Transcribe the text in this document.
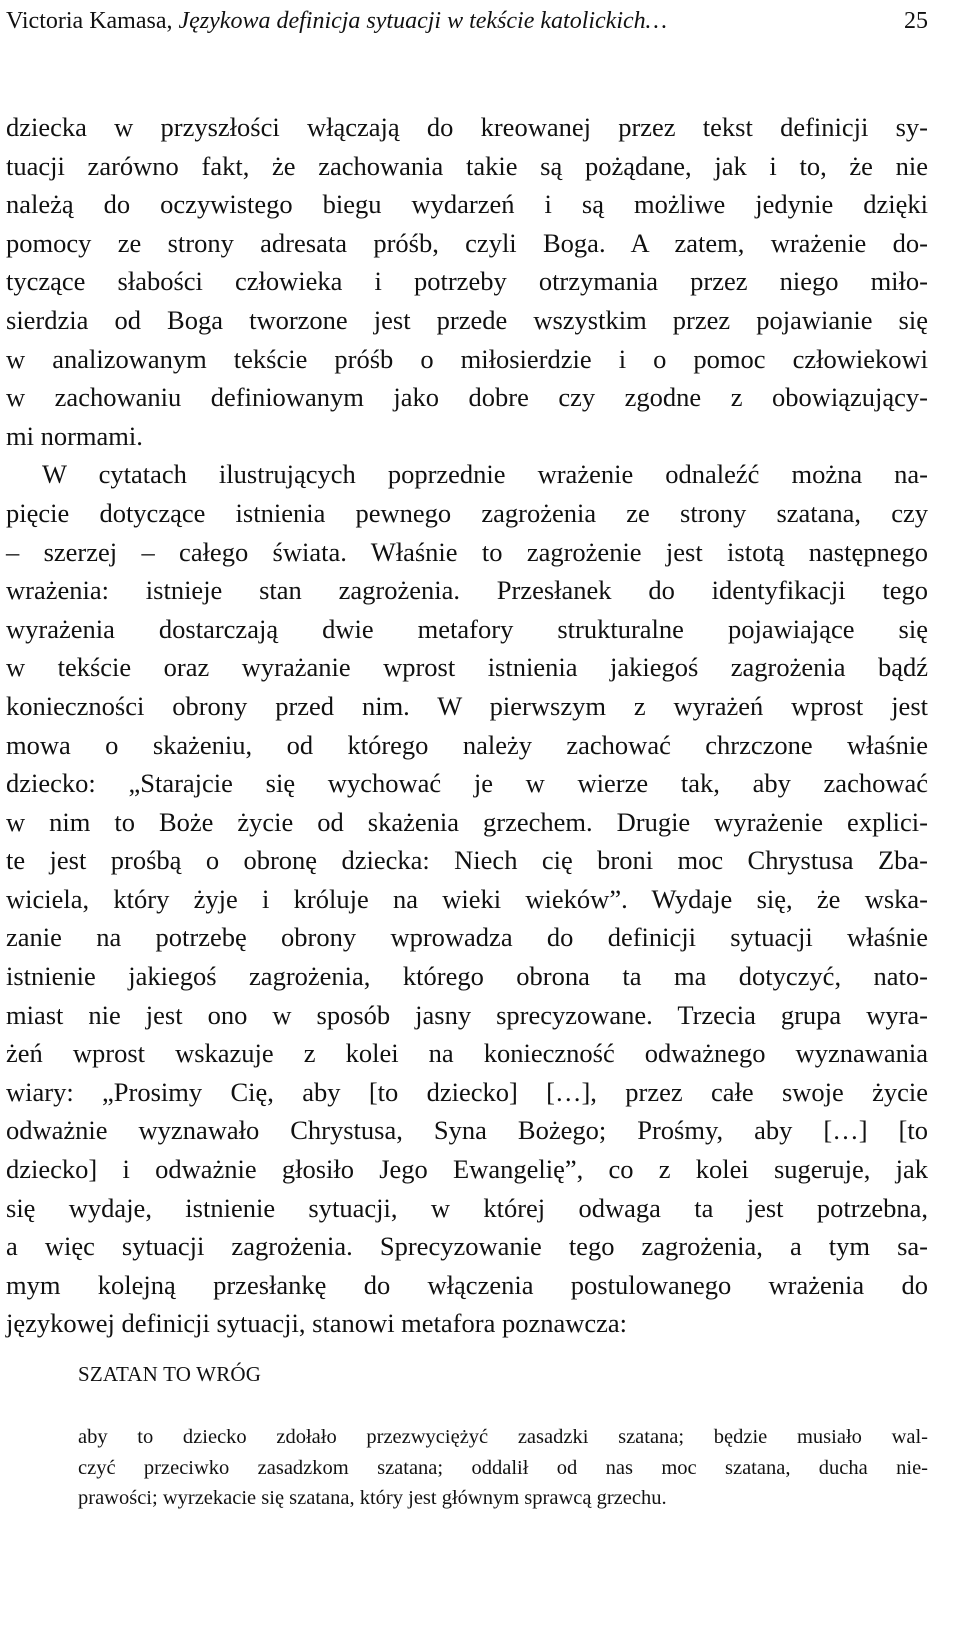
Victoria Kamasa, Językowa definicja sytuacji w tekście katolickich…	25
dziecka w przyszłości włączają do kreowanej przez tekst definicji sy-
tuacji zarówno fakt, że zachowania takie są pożądane, jak i to, że nie
należą do oczywistego biegu wydarzeń i są możliwe jedynie dzięki
pomocy ze strony adresata próśb, czyli Boga. A zatem, wrażenie do-
tyczące słabości człowieka i potrzeby otrzymania przez niego miło-
sierdzia od Boga tworzone jest przede wszystkim przez pojawianie się
w analizowanym tekście próśb o miłosierdzie i o pomoc człowiekowi
w zachowaniu definiowanym jako dobre czy zgodne z obowiązujący-
mi normami.
W cytatach ilustrujących poprzednie wrażenie odnaleźć można na-
pięcie dotyczące istnienia pewnego zagrożenia ze strony szatana, czy
– szerzej – całego świata. Właśnie to zagrożenie jest istotą następnego
wrażenia: istnieje stan zagrożenia. Przesłanek do identyfikacji tego
wyrażenia dostarczają dwie metafory strukturalne pojawiające się
w tekście oraz wyrażanie wprost istnienia jakiegoś zagrożenia bądź
konieczności obrony przed nim. W pierwszym z wyrażeń wprost jest
mowa o skażeniu, od którego należy zachować chrzczone właśnie
dziecko: „Starajcie się wychować je w wierze tak, aby zachować
w nim to Boże życie od skażenia grzechem. Drugie wyrażenie explici-
te jest prośbą o obronę dziecka: Niech cię broni moc Chrystusa Zba-
wiciela, który żyje i króluje na wieki wieków”. Wydaje się, że wska-
zanie na potrzebę obrony wprowadza do definicji sytuacji właśnie
istnienie jakiegoś zagrożenia, którego obrona ta ma dotyczyć, nato-
miast nie jest ono w sposób jasny sprecyzowane. Trzecia grupa wyra-
żeń wprost wskazuje z kolei na konieczność odważnego wyznawania
wiary: „Prosimy Cię, aby [to dziecko] […], przez całe swoje życie
odważnie wyznawało Chrystusa, Syna Bożego; Prośmy, aby […] [to
dziecko] i odważnie głosiło Jego Ewangelię”, co z kolei sugeruje, jak
się wydaje, istnienie sytuacji, w której odwaga ta jest potrzebna,
a więc sytuacji zagrożenia. Sprecyzowanie tego zagrożenia, a tym sa-
mym kolejną przesłankę do włączenia postulowanego wrażenia do
językowej definicji sytuacji, stanowi metafora poznawcza:
SZATAN TO WRÓG
aby to dziecko zdołało przezwyciężyć zasadzki szatana; będzie musiało wal-
czyć przeciwko zasadzkom szatana; oddalił od nas moc szatana, ducha nie-
prawości; wyrzekacie się szatana, który jest głównym sprawcą grzechu.
